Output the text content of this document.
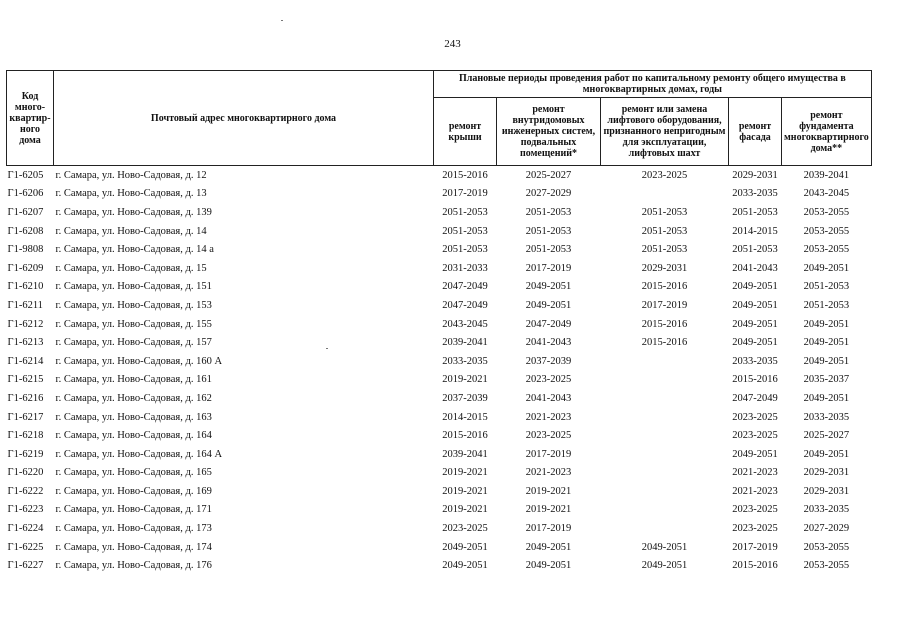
243
Код много-квартир-ного дома	Почтовый адрес многоквартирного дома	Плановые периоды проведения работ по капитальному ремонту общего имущества в многоквартирных домах, годы				
		ремонт крыши	ремонт внутридомовых инженерных систем, подвальных помещений*	ремонт или замена лифтового оборудования, признанного непригодным для эксплуатации, лифтовых шахт	ремонт фасада	ремонт фундамента многоквартирного дома**
Г1-6205	г. Самара, ул. Ново-Садовая, д. 12	2015-2016	2025-2027	2023-2025	2029-2031	2039-2041
Г1-6206	г. Самара, ул. Ново-Садовая, д. 13	2017-2019	2027-2029		2033-2035	2043-2045
Г1-6207	г. Самара, ул. Ново-Садовая, д. 139	2051-2053	2051-2053	2051-2053	2051-2053	2053-2055
Г1-6208	г. Самара, ул. Ново-Садовая, д. 14	2051-2053	2051-2053	2051-2053	2014-2015	2053-2055
Г1-9808	г. Самара, ул. Ново-Садовая, д. 14 а	2051-2053	2051-2053	2051-2053	2051-2053	2053-2055
Г1-6209	г. Самара, ул. Ново-Садовая, д. 15	2031-2033	2017-2019	2029-2031	2041-2043	2049-2051
Г1-6210	г. Самара, ул. Ново-Садовая, д. 151	2047-2049	2049-2051	2015-2016	2049-2051	2051-2053
Г1-6211	г. Самара, ул. Ново-Садовая, д. 153	2047-2049	2049-2051	2017-2019	2049-2051	2051-2053
Г1-6212	г. Самара, ул. Ново-Садовая, д. 155	2043-2045	2047-2049	2015-2016	2049-2051	2049-2051
Г1-6213	г. Самара, ул. Ново-Садовая, д. 157	2039-2041	2041-2043	2015-2016	2049-2051	2049-2051
Г1-6214	г. Самара, ул. Ново-Садовая, д. 160 А	2033-2035	2037-2039		2033-2035	2049-2051
Г1-6215	г. Самара, ул. Ново-Садовая, д. 161	2019-2021	2023-2025		2015-2016	2035-2037
Г1-6216	г. Самара, ул. Ново-Садовая, д. 162	2037-2039	2041-2043		2047-2049	2049-2051
Г1-6217	г. Самара, ул. Ново-Садовая, д. 163	2014-2015	2021-2023		2023-2025	2033-2035
Г1-6218	г. Самара, ул. Ново-Садовая, д. 164	2015-2016	2023-2025		2023-2025	2025-2027
Г1-6219	г. Самара, ул. Ново-Садовая, д. 164 А	2039-2041	2017-2019		2049-2051	2049-2051
Г1-6220	г. Самара, ул. Ново-Садовая, д. 165	2019-2021	2021-2023		2021-2023	2029-2031
Г1-6222	г. Самара, ул. Ново-Садовая, д. 169	2019-2021	2019-2021		2021-2023	2029-2031
Г1-6223	г. Самара, ул. Ново-Садовая, д. 171	2019-2021	2019-2021		2023-2025	2033-2035
Г1-6224	г. Самара, ул. Ново-Садовая, д. 173	2023-2025	2017-2019		2023-2025	2027-2029
Г1-6225	г. Самара, ул. Ново-Садовая, д. 174	2049-2051	2049-2051	2049-2051	2017-2019	2053-2055
Г1-6227	г. Самара, ул. Ново-Садовая, д. 176	2049-2051	2049-2051	2049-2051	2015-2016	2053-2055
